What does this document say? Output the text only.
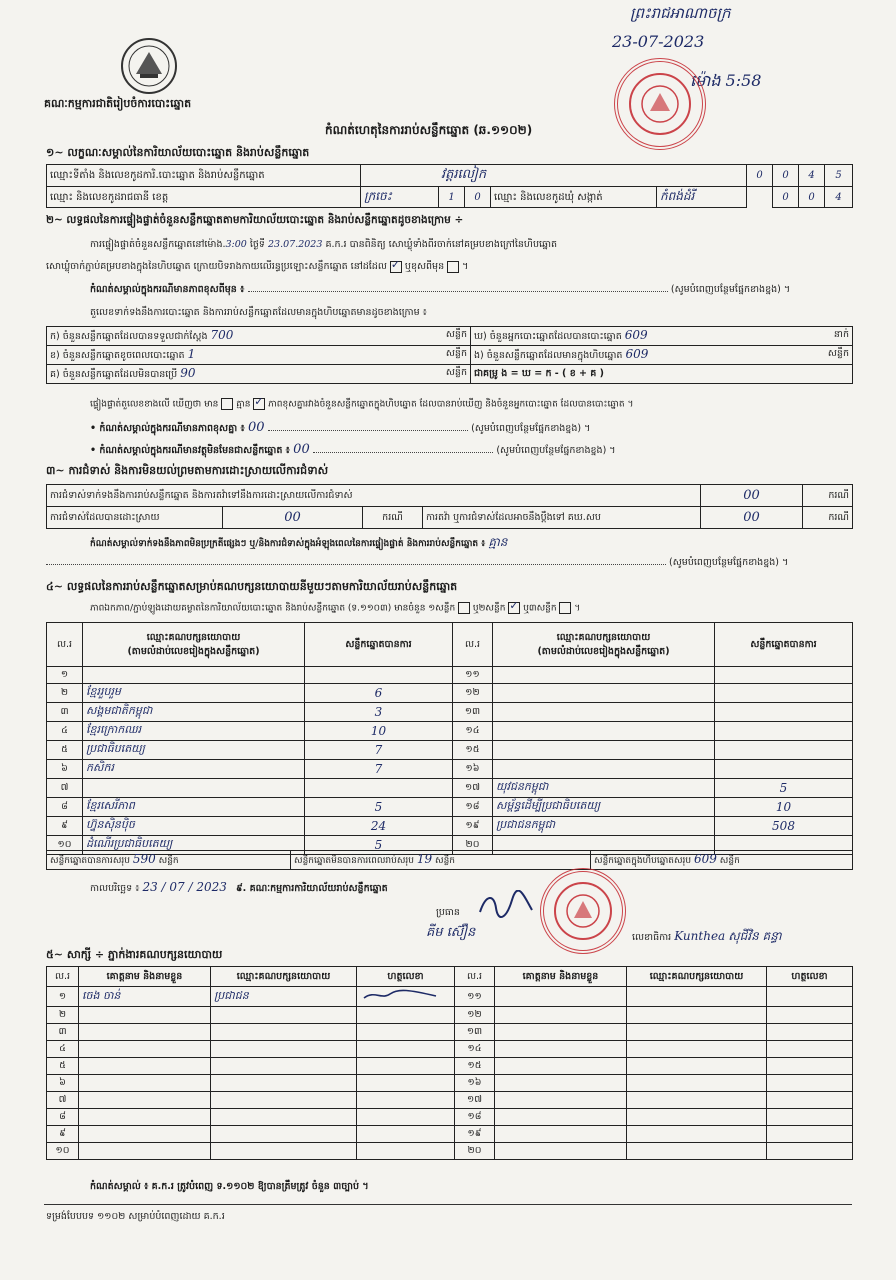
ព្រះរាជអាណាចក្រ
23-07-2023
ម៉ោង 5:58
គណៈកម្មការជាតិរៀបចំការបោះឆ្នោត
កំណត់ហេតុនៃការរាប់សន្លឹកឆ្នោត (ឆ.១១០២)
១~ លក្ខណៈសម្គាល់នៃការិយាល័យបោះឆ្នោត និងរាប់សន្លឹកឆ្នោត
ឈ្មោះទីតាំង និងលេខកូដការិ.បោះឆ្នោត និងរាប់សន្លឹកឆ្នោត	វត្តរលៀក					0	0	4	5
ឈ្មោះ និងលេខកូដរាជធានី ខេត្ត	ក្រចេះ	1	0	ឈ្មោះ និងលេខកូដឃុំ សង្កាត់	កំពង់ដំរី		0	0	4
២~ លទ្ធផលនៃការផ្ទៀងផ្ទាត់ចំនួនសន្លឹកឆ្នោតតាមការិយាល័យបោះឆ្នោត និងរាប់សន្លឹកឆ្នោតដូចខាងក្រោម ÷
ការផ្ទៀងផ្ទាត់ចំនួនសន្លឹកឆ្នោតនៅម៉ោង.3:00 ថ្ងៃទី 23.07.2023 គ.ក.រ បានពិនិត្យ សោឃ្លុំទាំងពីរចាក់នៅគម្របខាងក្រៅនៃហិបឆ្នោត
សោឃ្លុំចាក់ភ្ជាប់គម្របខាងក្នុងនៃហិបឆ្នោត ក្រោយបិទរាងកាយលើរន្ធប្រឡោះសន្លឹកឆ្នោត នៅដដែល ✓ ឬខុសពីមុន  ។
កំណត់សម្គាល់ក្នុងករណីមានភាពខុសពីមុន ៖	(សូមបំពេញបន្ថែមផ្នែកខាងខ្នង) ។
តួលេខទាក់ទងនឹងការបោះឆ្នោត និងការរាប់សន្លឹកឆ្នោតដែលមានក្នុងហិបឆ្នោតមានដូចខាងក្រោម ៖
ក) ចំនួនសន្លឹកឆ្នោតដែលបានទទួលជាក់ស្តែង 700 សន្លឹក	ឃ) ចំនួនអ្នកបោះឆ្នោតដែលបានបោះឆ្នោត 609 នាក់

ខ) ចំនួនសន្លឹកឆ្នោតខូចពេលបោះឆ្នោត 1 សន្លឹក	ង) ចំនួនសន្លឹកឆ្នោតដែលមានក្នុងហិបឆ្នោត 609 សន្លឹក

គ) ចំនួនសន្លឹកឆ្នោតដែលមិនបានប្រើ 90 សន្លឹក	ជាគម្រូ ង = ឃ = ក - ( ខ + គ )
ផ្ទៀងផ្ទាត់តួលេខខាងលើ ឃើញថា មាន គ្មាន ✓ ភាពខុសគ្នារវាងចំនួនសន្លឹកឆ្នោតក្នុងហិបឆ្នោត ដែលបានរាប់ឃើញ និងចំនួនអ្នកបោះឆ្នោត ដែលបានបោះឆ្នោត ។
• កំណត់សម្គាល់ក្នុងករណីមានភាពខុសគ្នា ៖ 00	(សូមបំពេញបន្ថែមផ្នែកខាងខ្នង) ។
• កំណត់សម្គាល់ក្នុងករណីមានវត្ថុមិនមែនជាសន្លឹកឆ្នោត ៖ 00	(សូមបំពេញបន្ថែមផ្នែកខាងខ្នង) ។
៣~ ការជំទាស់ និងការមិនយល់ព្រមតាមការដោះស្រាយលើការជំទាស់
ការជំទាស់ទាក់ទងនឹងការរាប់សន្លឹកឆ្នោត និងការតវ៉ាទៅនឹងការដោះស្រាយលើការជំទាស់				00	ករណី
ការជំទាស់ដែលបានដោះស្រាយ	00	ករណី	ការតវ៉ា ឬការជំទាស់ដែលអាចនឹងប្តឹងទៅ គឃ.សប	00	ករណី
កំណត់សម្គាល់ទាក់ទងនឹងភាពមិនប្រក្រតីផ្សេងៗ ឬ/និងការជំទាស់ក្នុងអំឡុងពេលនៃការផ្ទៀងផ្ទាត់ និងការរាប់សន្លឹកឆ្នោត ៖ គ្មាន
(សូមបំពេញបន្ថែមផ្នែកខាងខ្នង) ។
៤~ លទ្ធផលនៃការរាប់សន្លឹកឆ្នោតសម្រាប់គណបក្សនយោបាយនីមួយៗតាមការិយាល័យរាប់សន្លឹកឆ្នោត
ភាពឯកភាព/ភ្ជាប់ឡូងដោយគម្លាតនៃការិយាល័យបោះឆ្នោត និងរាប់សន្លឹកឆ្នោត (ទ.១១០៣) មានចំនួន ១សន្លឹក ឬ២សន្លឹក ✓ ឬ៣សន្លឹក  ។
ល.រ	ឈ្មោះគណបក្សនយោបាយ
(តាមលំដាប់លេខរៀងក្នុងសន្លឹកឆ្នោត)	សន្លឹកឆ្នោតបានការ	ល.រ	ឈ្មោះគណបក្សនយោបាយ
(តាមលំដាប់លេខរៀងក្នុងសន្លឹកឆ្នោត)	សន្លឹកឆ្នោតបានការ
១			១១		
២	ខ្មែររួបរួម	6	១២		
៣	សង្គមជាតិកម្ពុជា	3	១៣		
៤	ខ្មែរក្រោកឈរ	10	១៤		
៥	ប្រជាធិបតេយ្យ	7	១៥		
៦	កសិករ	7	១៦		
៧			១៧	យុវជនកម្ពុជា	5
៨	ខ្មែរសេរីភាព	5	១៨	សម្ព័ន្ធដើម្បីប្រជាធិបតេយ្យ	10
៩	ហ្វ៊ុនស៊ិនប៉ិច	24	១៩	ប្រជាជនកម្ពុជា	508
១០	ដំណើរប្រជាធិបតេយ្យ	5	២០		
សន្លឹកឆ្នោតបានការសរុប 590 សន្លឹក	សន្លឹកឆ្នោតមិនបានការពេលរាប់សរុប 19 សន្លឹក	សន្លឹកឆ្នោតក្នុងហិបឆ្នោតសរុប 609 សន្លឹក
កាលបរិច្ឆេទ ៖ 23 / 07 / 2023 ៩. គណៈកម្មការការិយាល័យរាប់សន្លឹកឆ្នោត
ប្រធាន
គីម ស៊ឿន	លេខាធិការ Kunthea សុជីវិន គន្ធា
៥~ សាក្សី ÷ ភ្នាក់ងារគណបក្សនយោបាយ
ល.រ	គោត្តនាម និងនាមខ្លួន	ឈ្មោះគណបក្សនយោបាយ	ហត្ថលេខា	ល.រ	គោត្តនាម និងនាមខ្លួន	ឈ្មោះគណបក្សនយោបាយ	ហត្ថលេខា
១	ចេង ចាន់	ប្រជាជន		១១			
២				១២			
៣				១៣			
៤				១៤			
៥				១៥			
៦				១៦			
៧				១៧			
៨				១៨			
៩				១៩			
១០				២០			
កំណត់សម្គាល់ ៖ គ.ក.រ ត្រូវបំពេញ ទ.១១០២ ឱ្យបានត្រឹមត្រូវ ចំនួន ៣ច្បាប់ ។
ទម្រង់បែបបទ ១១០២ សម្រាប់បំពេញដោយ គ.ក.រ
